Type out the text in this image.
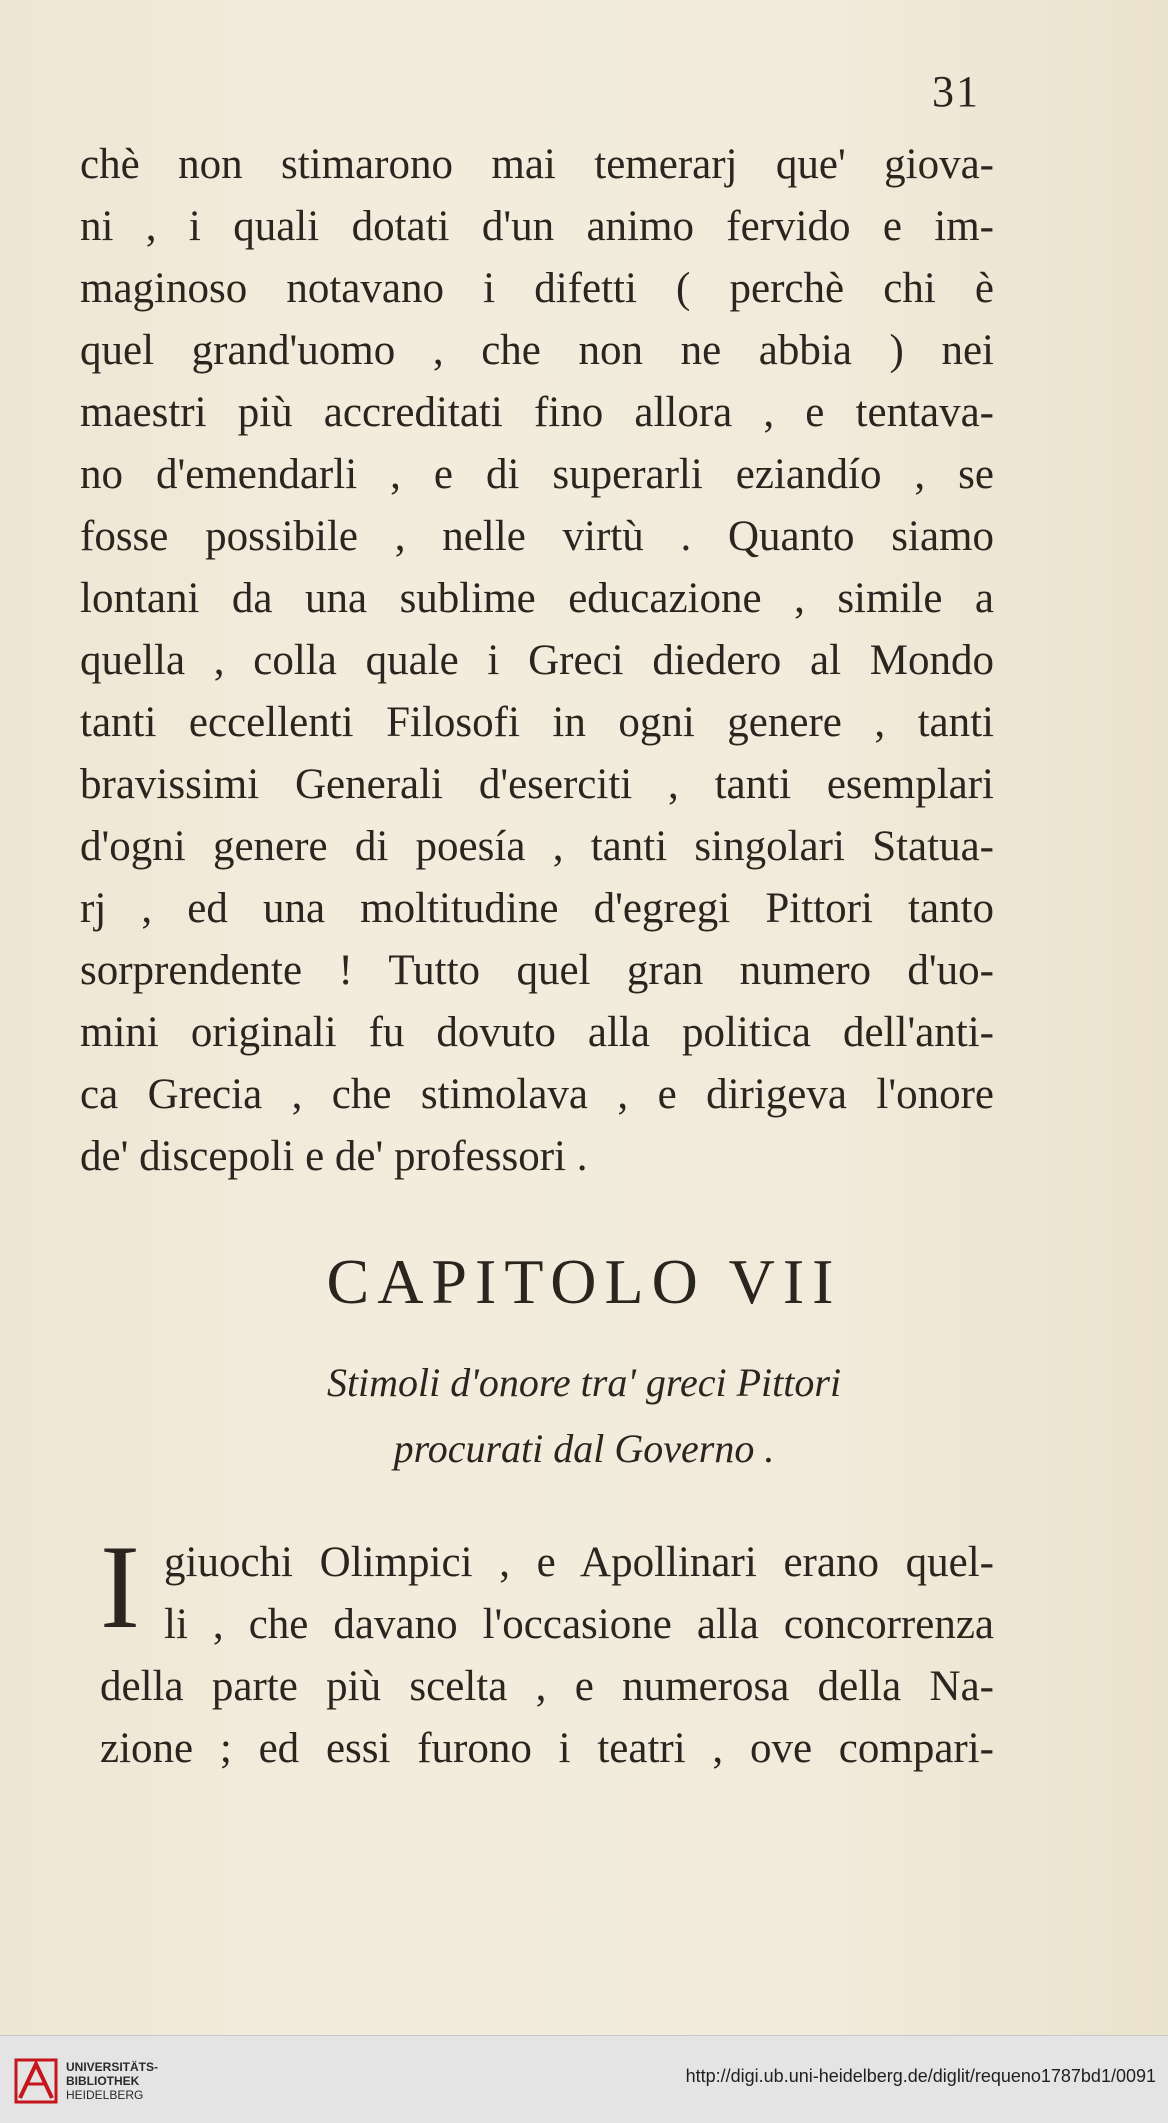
31
chè non stimarono mai temerarj que' giova-
ni , i quali dotati d'un animo fervido e im-
maginoso notavano i difetti ( perchè chi è
quel grand'uomo , che non ne abbia ) nei
maestri più accreditati fino allora , e tentava-
no d'emendarli , e di superarli eziandío , se
fosse possibile , nelle virtù . Quanto siamo
lontani da una sublime educazione , simile a
quella , colla quale i Greci diedero al Mondo
tanti eccellenti Filosofi in ogni genere , tanti
bravissimi Generali d'eserciti , tanti esemplari
d'ogni genere di poesía , tanti singolari Statua-
rj , ed una moltitudine d'egregi Pittori tanto
sorprendente ! Tutto quel gran numero d'uo-
mini originali fu dovuto alla politica dell'anti-
ca Grecia , che stimolava , e dirigeva l'onore
de' discepoli e de' professori .
CAPITOLO VII
Stimoli d'onore tra' greci Pittori
procurati dal Governo .
I giuochi Olimpici , e Apollinari erano quel-
li , che davano l'occasione alla concorrenza
della parte più scelta , e numerosa della Na-
zione ; ed essi furono i teatri , ove compari-
UNIVERSITÄTS-
BIBLIOTHEK
HEIDELBERG
http://digi.ub.uni-heidelberg.de/diglit/requeno1787bd1/0091
